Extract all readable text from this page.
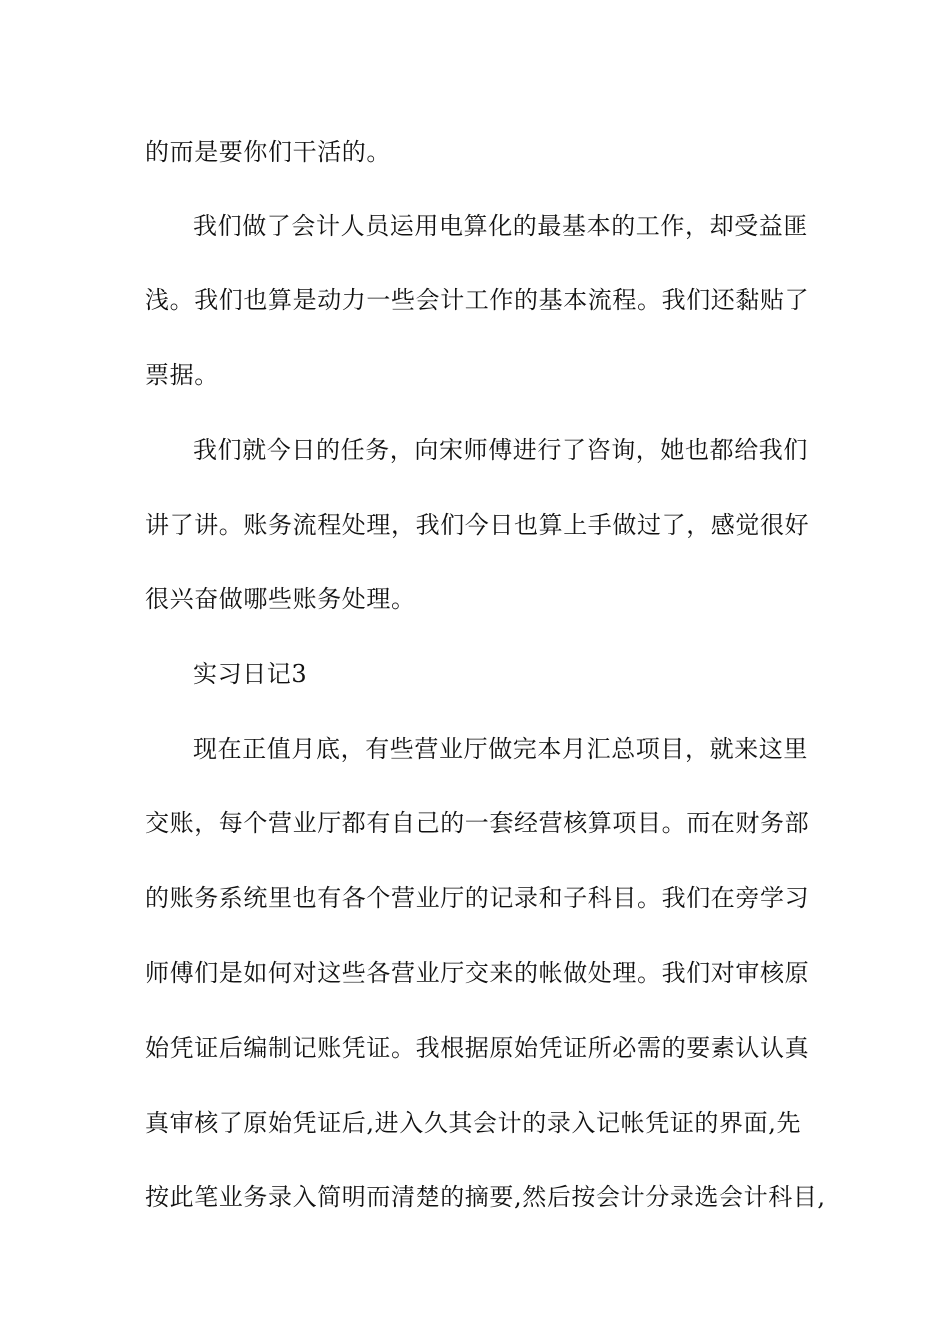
的而是要你们干活的。
我们做了会计人员运用电算化的最基本的工作，却受益匪
浅。我们也算是动力一些会计工作的基本流程。我们还黏贴了
票据。
我们就今日的任务，向宋师傅进行了咨询，她也都给我们
讲了讲。账务流程处理，我们今日也算上手做过了，感觉很好
很兴奋做哪些账务处理。
实习日记3
现在正值月底，有些营业厅做完本月汇总项目，就来这里
交账，每个营业厅都有自己的一套经营核算项目。而在财务部
的账务系统里也有各个营业厅的记录和子科目。我们在旁学习
师傅们是如何对这些各营业厅交来的帐做处理。我们对审核原
始凭证后编制记账凭证。我根据原始凭证所必需的要素认认真
真审核了原始凭证后,进入久其会计的录入记帐凭证的界面,先
按此笔业务录入简明而清楚的摘要,然后按会计分录选会计科目,
